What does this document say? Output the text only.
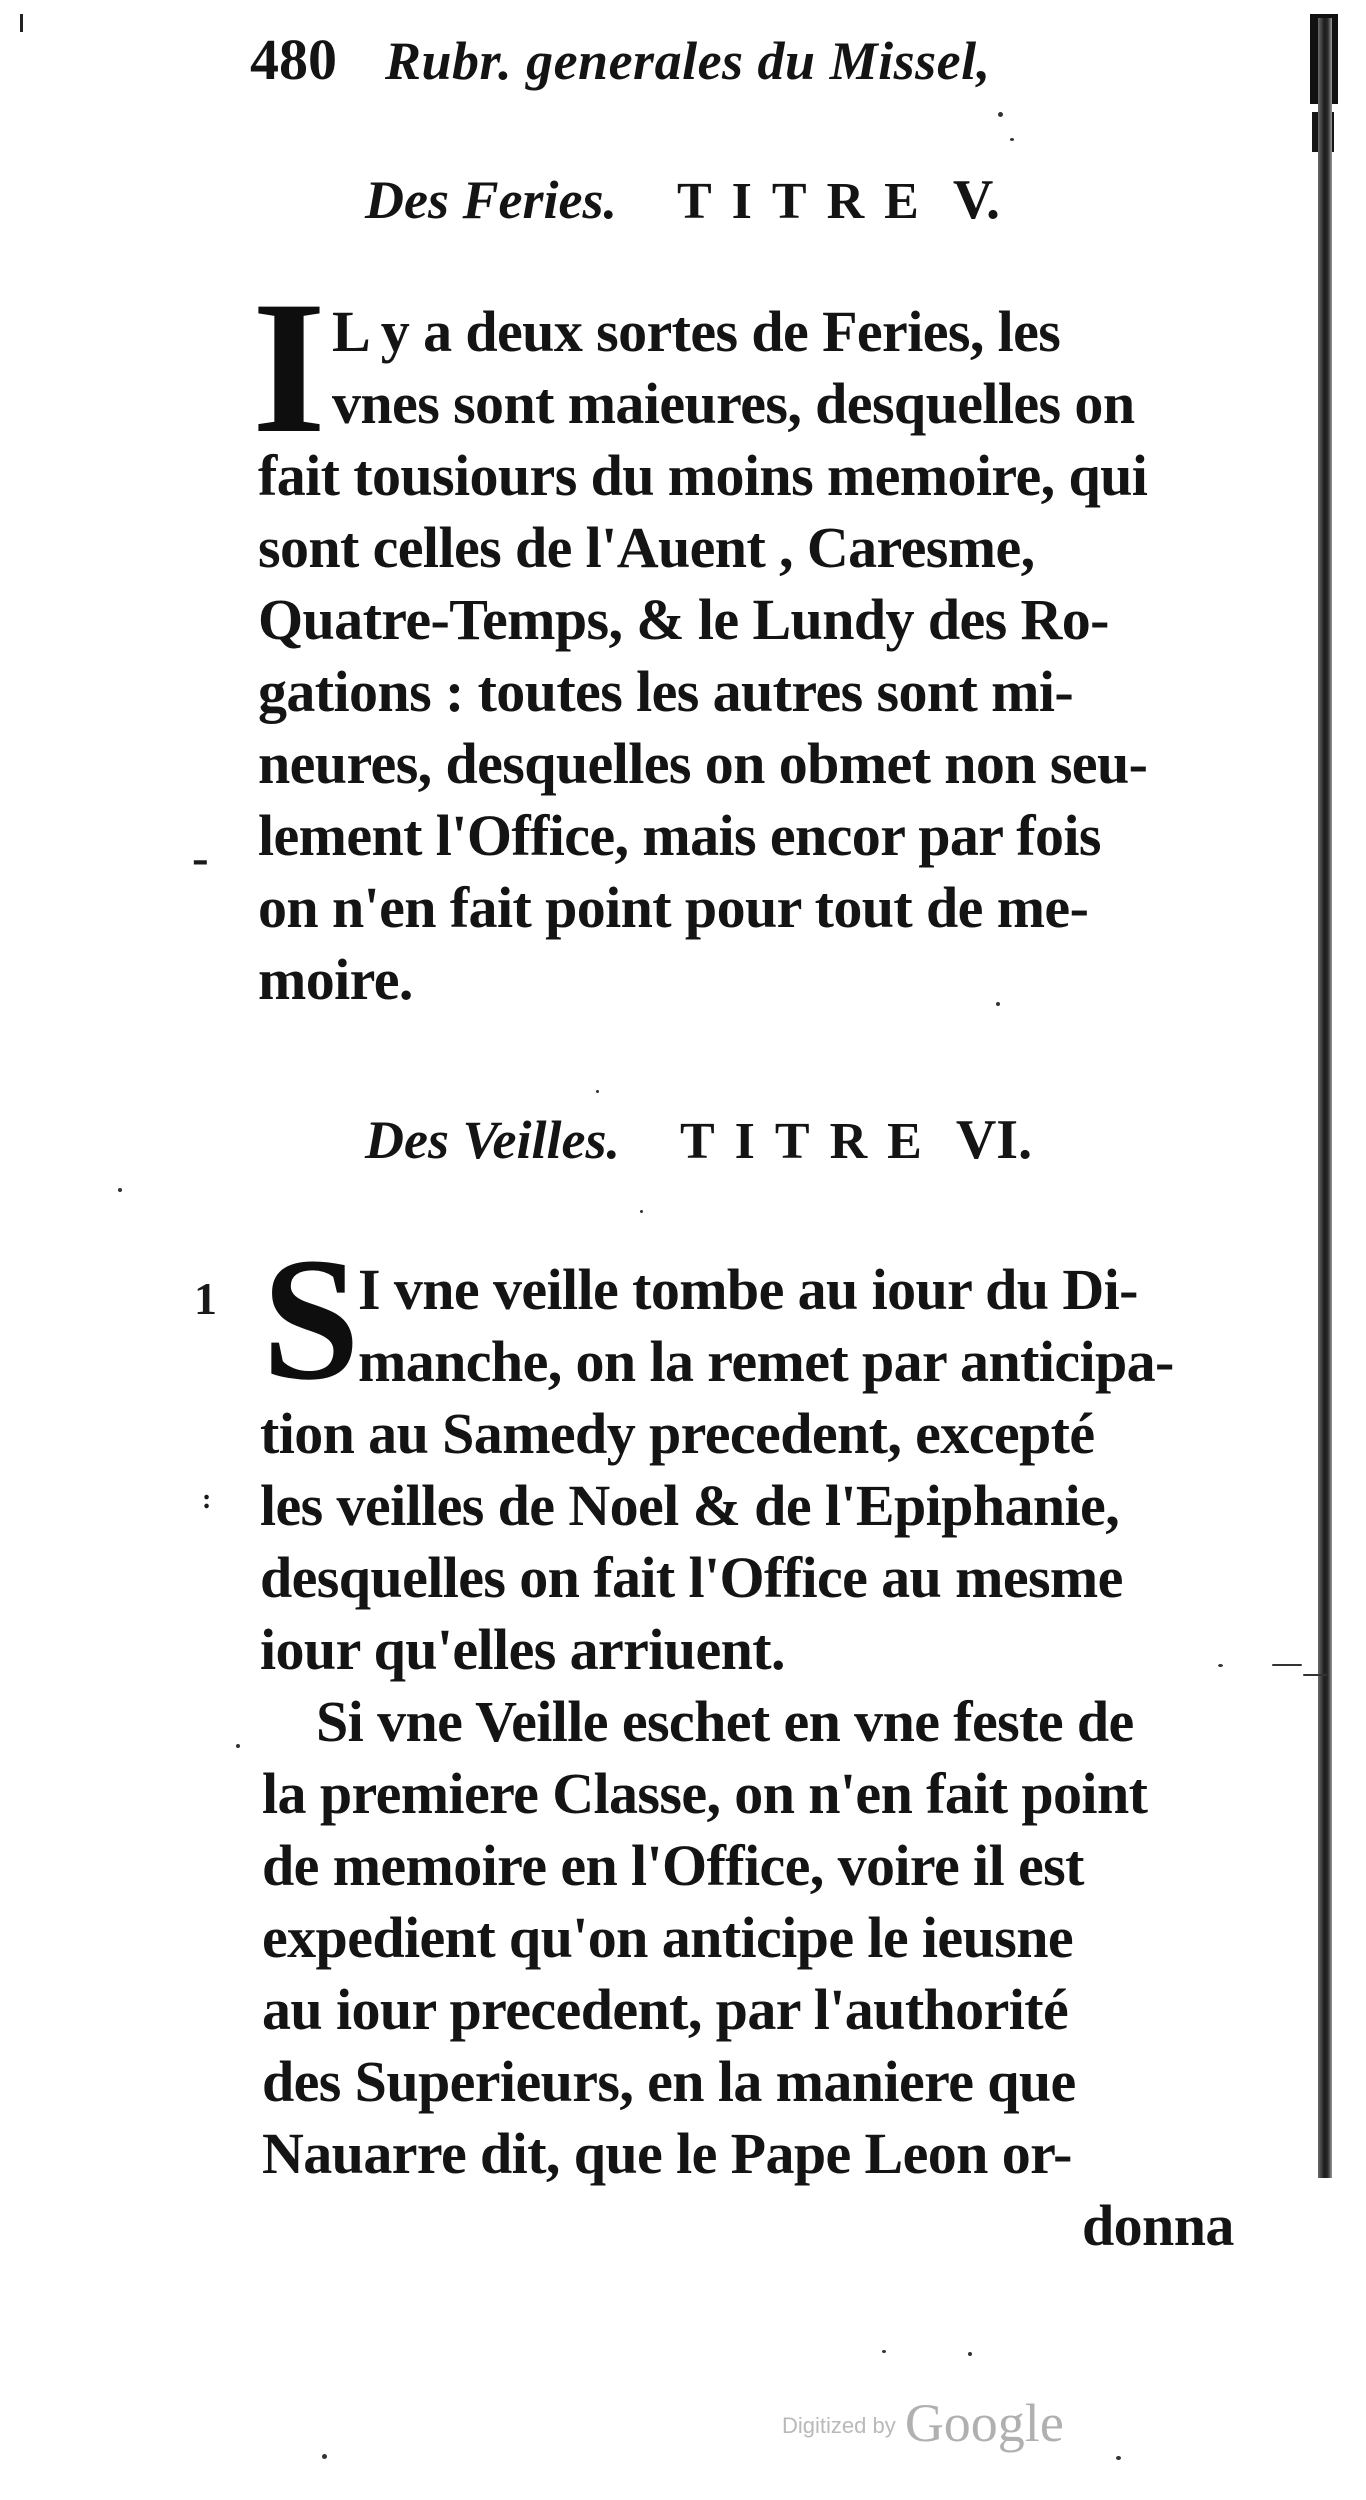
480 Rubr. generales du Missel,
Des Feries. TITRE V.
I L y a deux sortes de Feries, les
vnes sont maieures, desquelles on
fait tousiours du moins memoire, qui
sont celles de l'Auent , Caresme,
Quatre-Temps, & le Lundy des Ro-
gations : toutes les autres sont mi-
neures, desquelles on obmet non seu-
lement l'Office, mais encor par fois
on n'en fait point pour tout de me-
moire.
-
Des Veilles. TITRE VI.
1 S
I vne veille tombe au iour du Di-
manche, on la remet par anticipa-
tion au Samedy precedent, excepté
les veilles de Noel & de l'Epiphanie,
desquelles on fait l'Office au mesme
iour qu'elles arriuent.
Si vne Veille eschet en vne feste de
la premiere Classe, on n'en fait point
de memoire en l'Office, voire il est
expedient qu'on anticipe le ieusne
au iour precedent, par l'authorité
des Superieurs, en la maniere que
Nauarre dit, que le Pape Leon or-
donna
:
Digitized by Google
